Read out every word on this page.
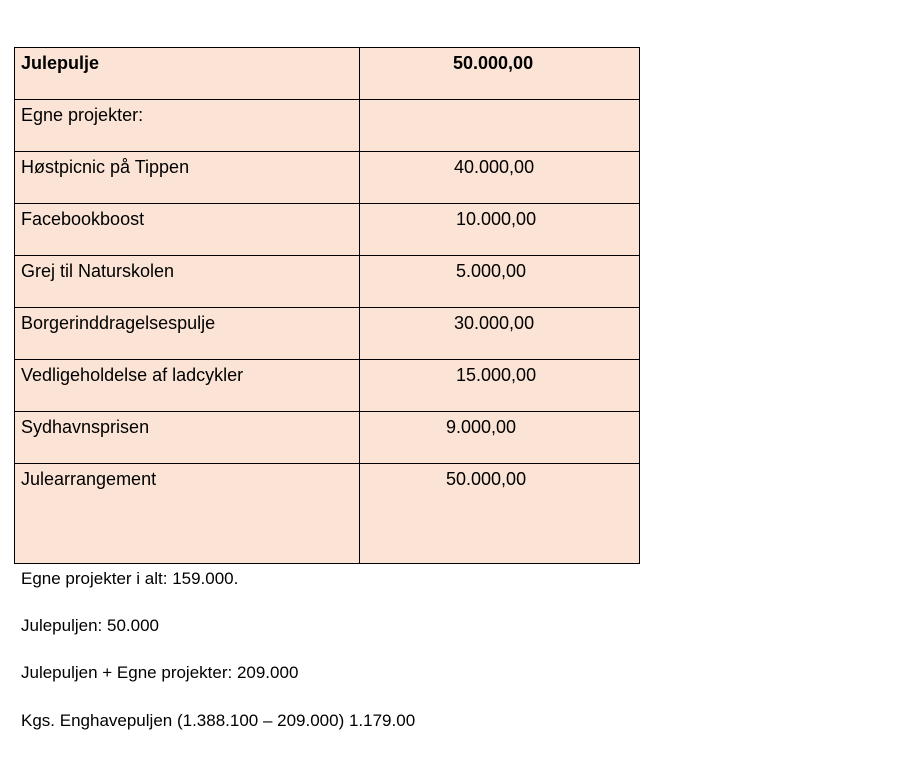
Julepulje	50.000,00

Egne projekter:	

Høstpicnic på Tippen	40.000,00

Facebookboost	10.000,00

Grej til Naturskolen	5.000,00

Borgerinddragelsespulje	30.000,00

Vedligeholdelse af ladcykler	15.000,00

Sydhavnsprisen	9.000,00

Julearrangement	50.000,00
Egne projekter i alt: 159.000.
Julepuljen: 50.000
Julepuljen + Egne projekter: 209.000
Kgs. Enghavepuljen (1.388.100 – 209.000) 1.179.00
